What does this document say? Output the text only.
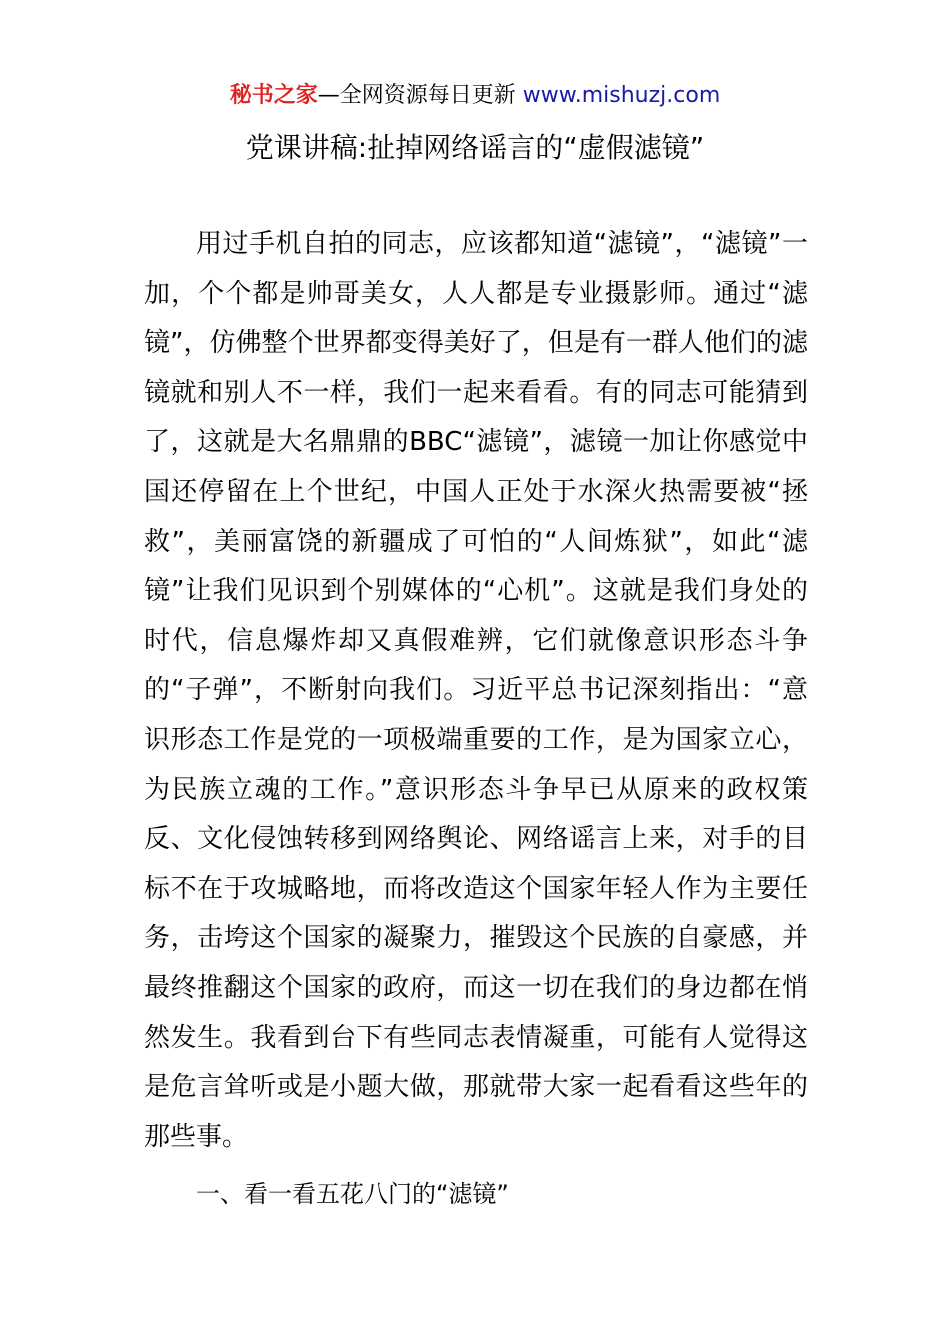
秘书之家—全网资源每日更新 www.mishuzj.com
党课讲稿:扯掉网络谣言的“虚假滤镜”

用过手机自拍的同志，应该都知道“滤镜”，“滤镜”一加，个个都是帅哥美女，人人都是专业摄影师。通过“滤镜”，仿佛整个世界都变得美好了，但是有一群人他们的滤镜就和别人不一样，我们一起来看看。有的同志可能猜到了，这就是大名鼎鼎的BBC“滤镜”，滤镜一加让你感觉中国还停留在上个世纪，中国人正处于水深火热需要被“拯救”，美丽富饶的新疆成了可怕的“人间炼狱”，如此“滤镜”让我们见识到个别媒体的“心机”。这就是我们身处的时代，信息爆炸却又真假难辨，它们就像意识形态斗争的“子弹”，不断射向我们。习近平总书记深刻指出：“意识形态工作是党的一项极端重要的工作，是为国家立心，为民族立魂的工作。”意识形态斗争早已从原来的政权策反、文化侵蚀转移到网络舆论、网络谣言上来，对手的目标不在于攻城略地，而将改造这个国家年轻人作为主要任务，击垮这个国家的凝聚力，摧毁这个民族的自豪感，并最终推翻这个国家的政府，而这一切在我们的身边都在悄然发生。我看到台下有些同志表情凝重，可能有人觉得这是危言耸听或是小题大做，那就带大家一起看看这些年的那些事。

一、看一看五花八门的“滤镜”
